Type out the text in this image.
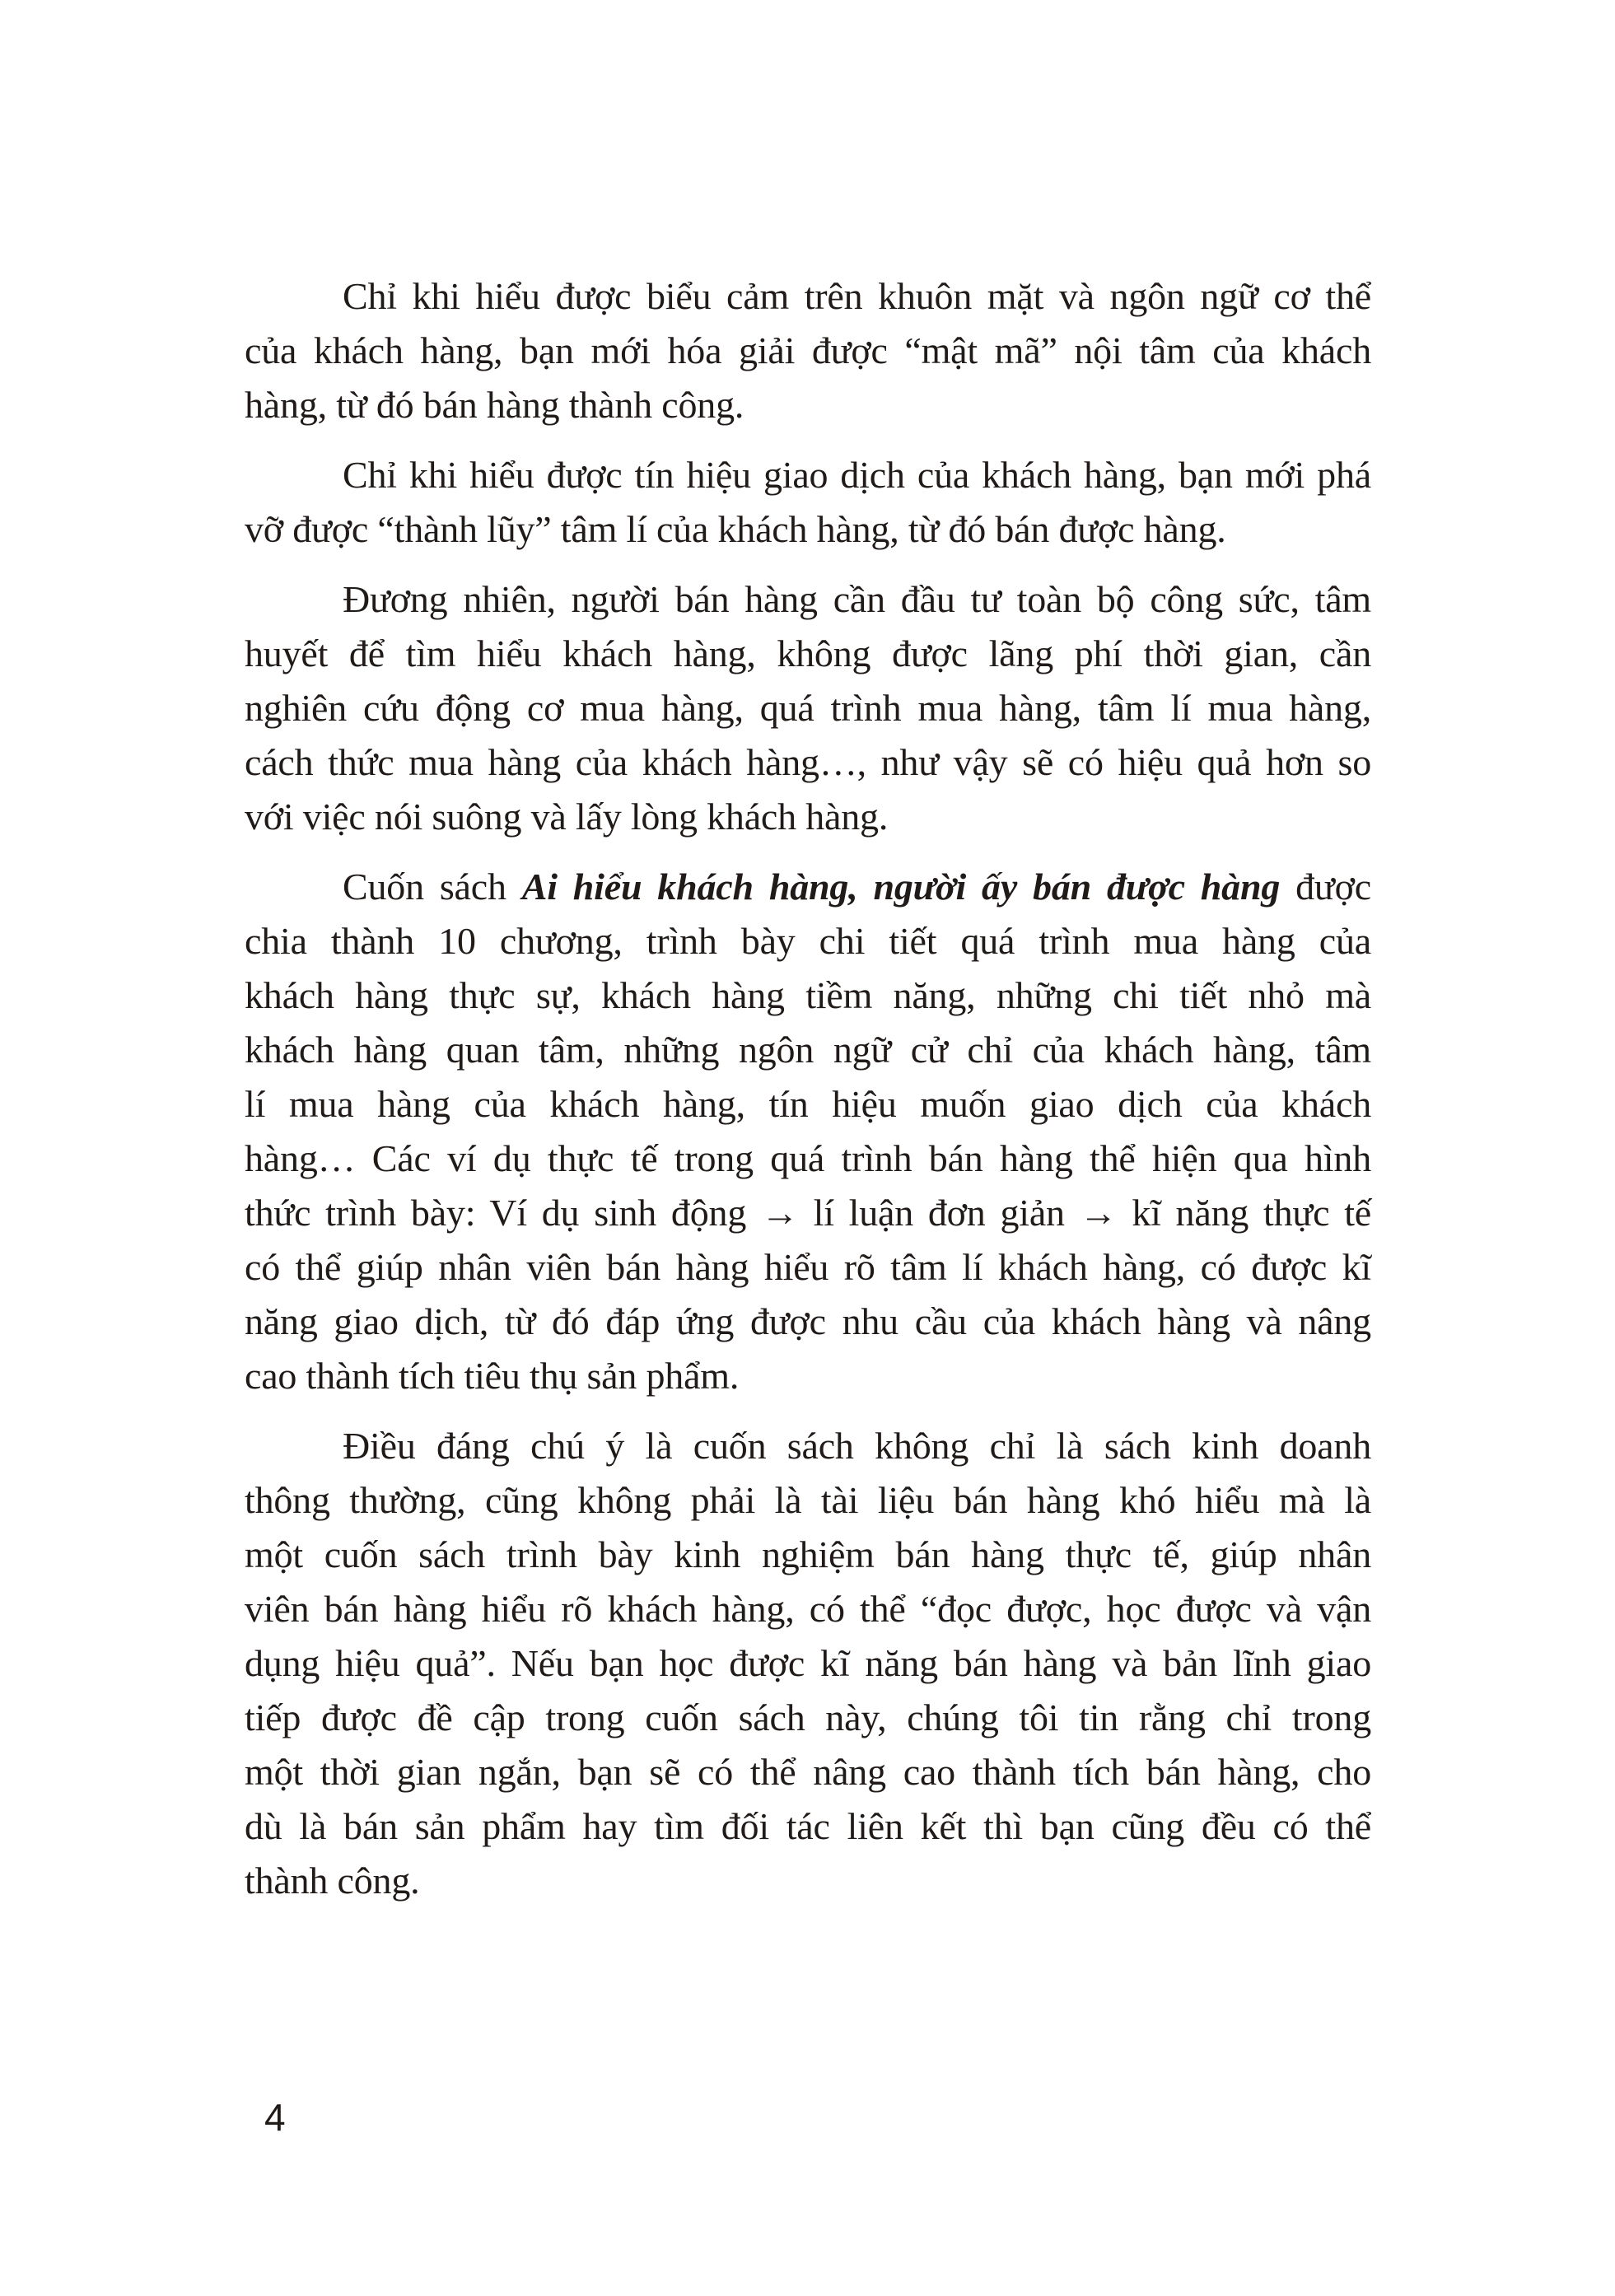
Chỉ khi hiểu được biểu cảm trên khuôn mặt và ngôn ngữ cơ thể
của khách hàng, bạn mới hóa giải được “mật mã” nội tâm của khách
hàng, từ đó bán hàng thành công.
Chỉ khi hiểu được tín hiệu giao dịch của khách hàng, bạn mới phá
vỡ được “thành lũy” tâm lí của khách hàng, từ đó bán được hàng.
Đương nhiên, người bán hàng cần đầu tư toàn bộ công sức, tâm
huyết để tìm hiểu khách hàng, không được lãng phí thời gian, cần
nghiên cứu động cơ mua hàng, quá trình mua hàng, tâm lí mua hàng,
cách thức mua hàng của khách hàng…, như vậy sẽ có hiệu quả hơn so
với việc nói suông và lấy lòng khách hàng.
Cuốn sách Ai hiểu khách hàng, người ấy bán được hàng được
chia thành 10 chương, trình bày chi tiết quá trình mua hàng của
khách hàng thực sự, khách hàng tiềm năng, những chi tiết nhỏ mà
khách hàng quan tâm, những ngôn ngữ cử chỉ của khách hàng, tâm
lí mua hàng của khách hàng, tín hiệu muốn giao dịch của khách
hàng… Các ví dụ thực tế trong quá trình bán hàng thể hiện qua hình
thức trình bày: Ví dụ sinh động → lí luận đơn giản → kĩ năng thực tế
có thể giúp nhân viên bán hàng hiểu rõ tâm lí khách hàng, có được kĩ
năng giao dịch, từ đó đáp ứng được nhu cầu của khách hàng và nâng
cao thành tích tiêu thụ sản phẩm.
Điều đáng chú ý là cuốn sách không chỉ là sách kinh doanh
thông thường, cũng không phải là tài liệu bán hàng khó hiểu mà là
một cuốn sách trình bày kinh nghiệm bán hàng thực tế, giúp nhân
viên bán hàng hiểu rõ khách hàng, có thể “đọc được, học được và vận
dụng hiệu quả”. Nếu bạn học được kĩ năng bán hàng và bản lĩnh giao
tiếp được đề cập trong cuốn sách này, chúng tôi tin rằng chỉ trong
một thời gian ngắn, bạn sẽ có thể nâng cao thành tích bán hàng, cho
dù là bán sản phẩm hay tìm đối tác liên kết thì bạn cũng đều có thể
thành công.
4
